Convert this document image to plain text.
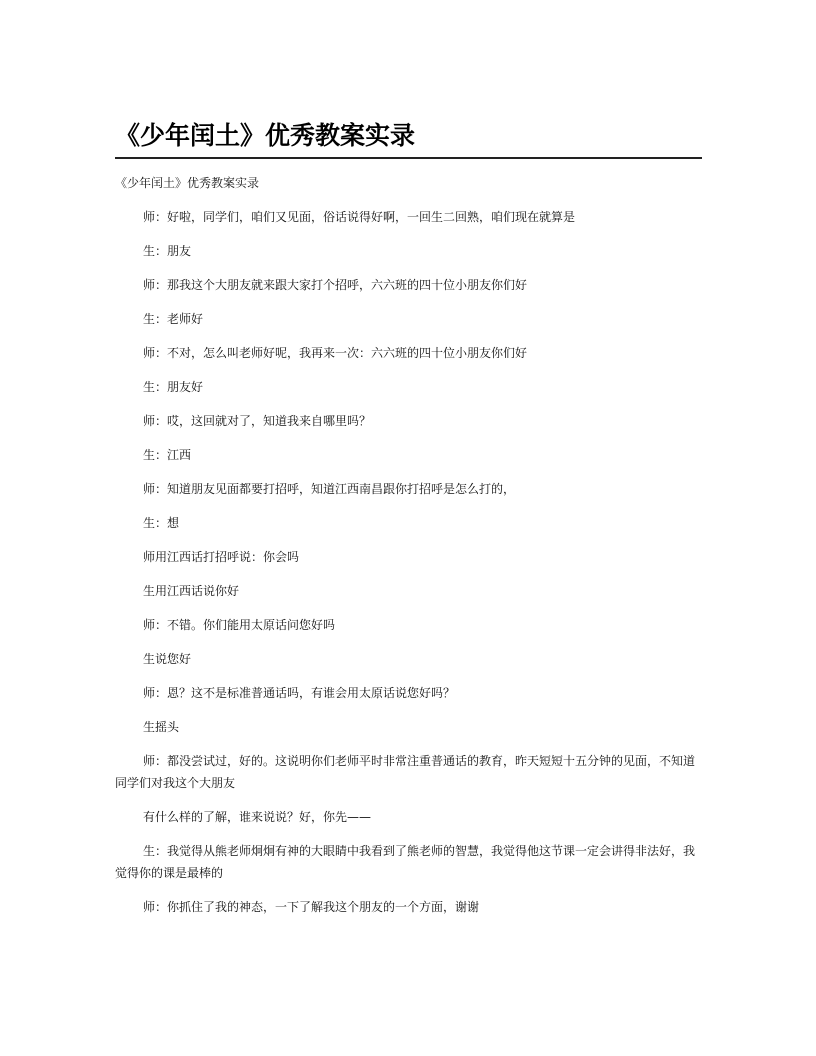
《少年闰土》优秀教案实录

《少年闰土》优秀教案实录

师：好啦，同学们，咱们又见面，俗话说得好啊，一回生二回熟，咱们现在就算是

生：朋友

师：那我这个大朋友就来跟大家打个招呼，六六班的四十位小朋友你们好

生：老师好

师：不对，怎么叫老师好呢，我再来一次：六六班的四十位小朋友你们好

生：朋友好

师：哎，这回就对了，知道我来自哪里吗？

生：江西

师：知道朋友见面都要打招呼，知道江西南昌跟你打招呼是怎么打的，

生：想

师用江西话打招呼说：你会吗

生用江西话说你好

师：不错。你们能用太原话问您好吗

生说您好

师：恩？这不是标准普通话吗，有谁会用太原话说您好吗？

生摇头

师：都没尝试过，好的。这说明你们老师平时非常注重普通话的教育，昨天短短十五分钟的见面，不知道同学们对我这个大朋友

有什么样的了解，谁来说说？好，你先——

生：我觉得从熊老师炯炯有神的大眼睛中我看到了熊老师的智慧，我觉得他这节课一定会讲得非法好，我觉得你的课是最棒的

师：你抓住了我的神态，一下了解我这个朋友的一个方面，谢谢
